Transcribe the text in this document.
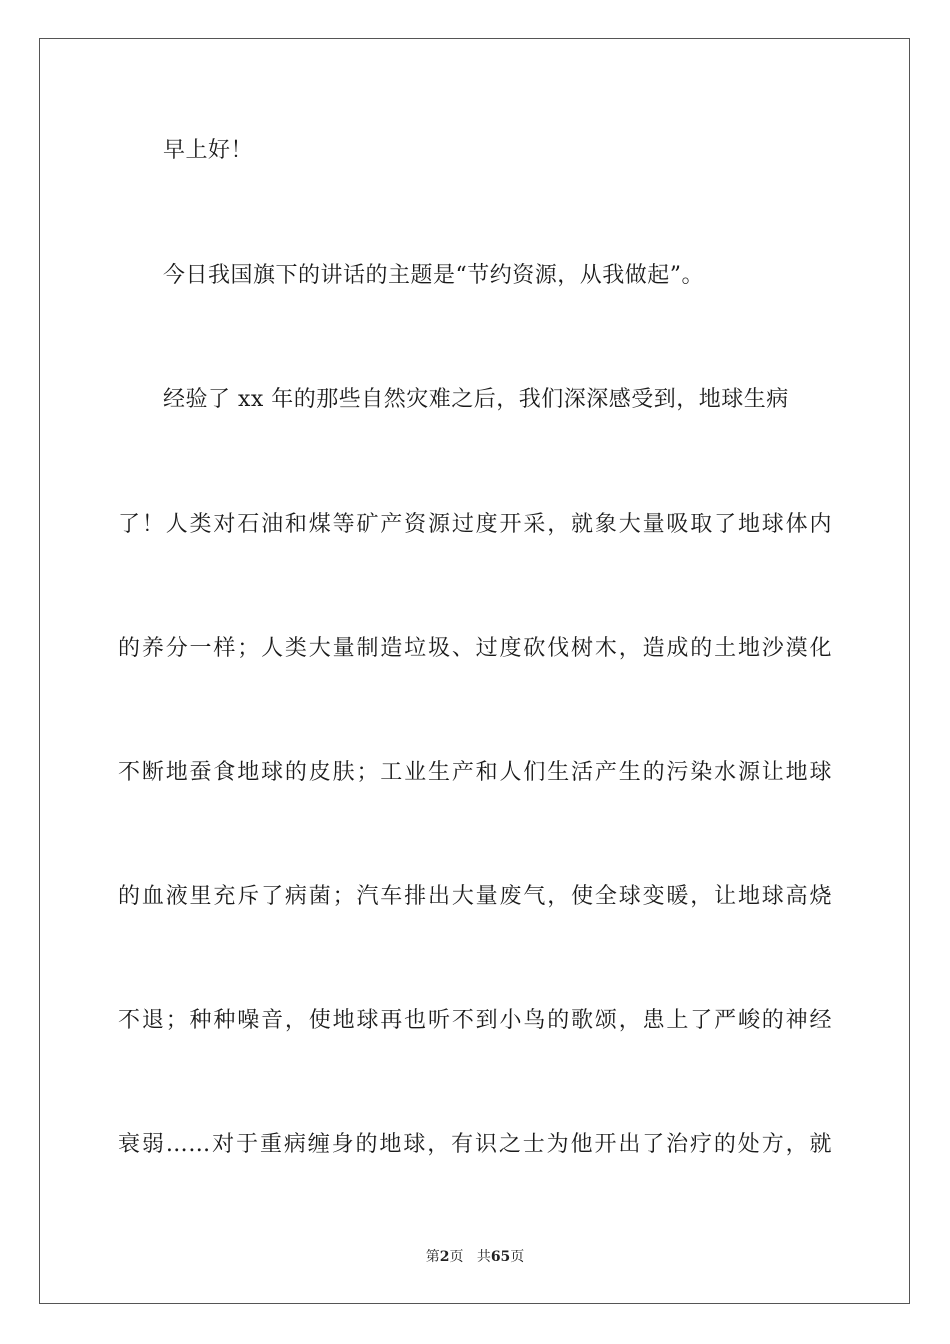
早上好！
今日我国旗下的讲话的主题是“节约资源，从我做起”。
经验了 xx 年的那些自然灾难之后，我们深深感受到，地球生病
了！人类对石油和煤等矿产资源过度开采，就象大量吸取了地球体内
的养分一样；人类大量制造垃圾、过度砍伐树木，造成的土地沙漠化
不断地蚕食地球的皮肤；工业生产和人们生活产生的污染水源让地球
的血液里充斥了病菌；汽车排出大量废气，使全球变暖，让地球高烧
不退；种种噪音，使地球再也听不到小鸟的歌颂，患上了严峻的神经
衰弱……对于重病缠身的地球，有识之士为他开出了治疗的处方，就
第2页 共65页
